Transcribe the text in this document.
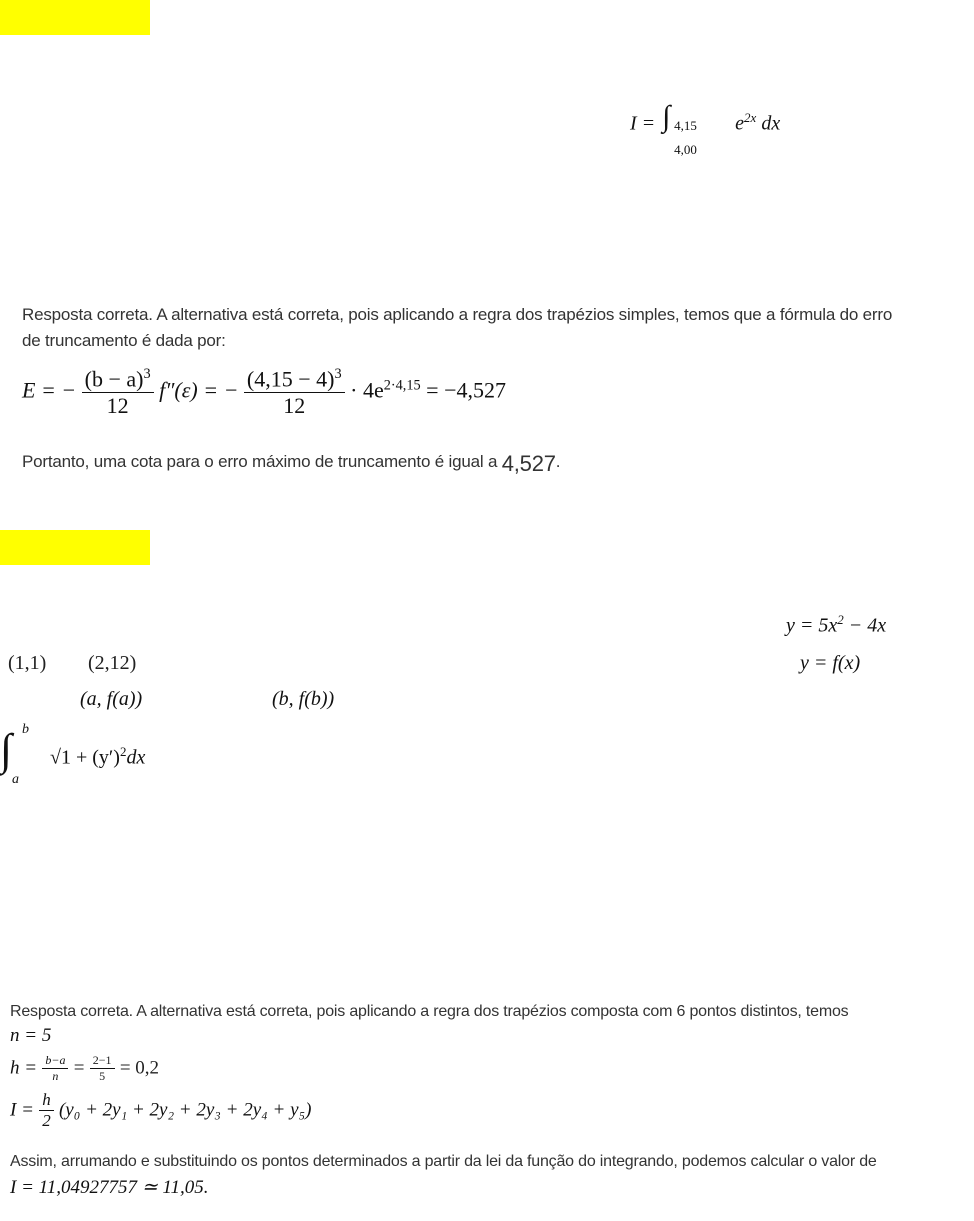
I = ∫ 4,15
4,00
$e^{2x}$ dx
Resposta correta. A alternativa está correta, pois aplicando a regra dos trapézios simples, temos que a fórmula do erro
de truncamento é dada por:
E = − $\frac{(b - a)^3}{12} f''(\varepsilon)$ = − $\frac{(4,15 - 4)^3}{12} \cdot 4e^{2\cdot 4,15} = -4,527$
Portanto, uma cota para o erro máximo de truncamento é igual a 4,527.
$y = 5x^2 - 4x$
(1,1) (2,12)	y = f(x)
(a, f(a))	(b, f(b))
∫ b
a
$√1 + (y')^2dx$
Resposta correta. A alternativa está correta, pois aplicando a regra dos trapézios composta com 6 pontos distintos, temos
n = 5
$h = \frac{b-a}{n} = \frac{2-1}{5} = 0,2$
$I = \frac{h}{2} (y_0 + 2y_1 + 2y_2 + 2y_3 + 2y_4 + y_5)$
Assim, arrumando e substituindo os pontos determinados a partir da lei da função do integrando, podemos calcular o valor de
I = 11,04927757 ≃ 11,05.
